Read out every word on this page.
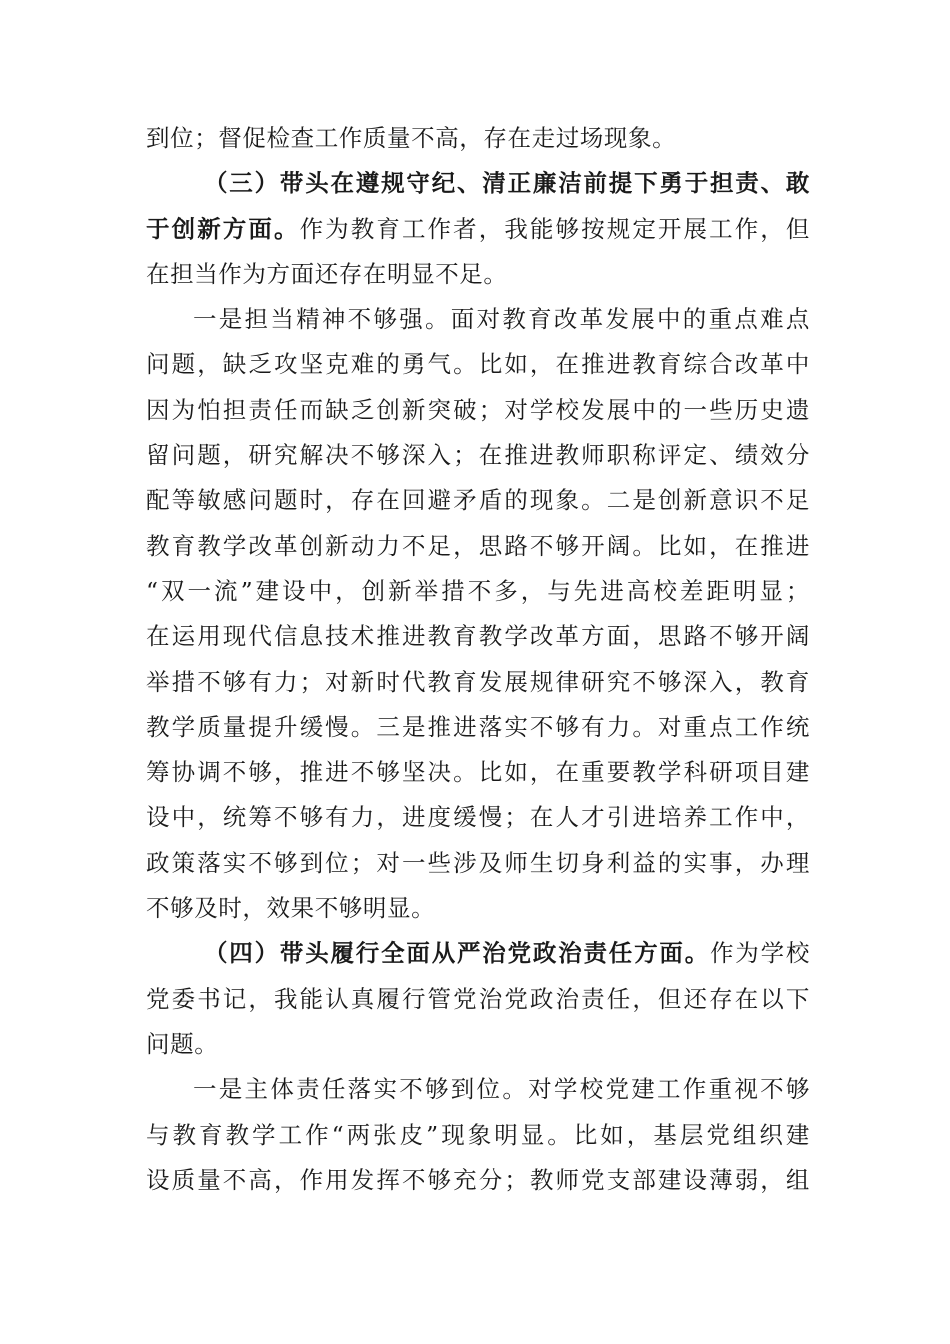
到位；督促检查工作质量不高，存在走过场现象。
（三）带头在遵规守纪、清正廉洁前提下勇于担责、敢
于创新方面。作为教育工作者，我能够按规定开展工作，但
在担当作为方面还存在明显不足。
一是担当精神不够强。面对教育改革发展中的重点难点
问题，缺乏攻坚克难的勇气。比如，在推进教育综合改革中
因为怕担责任而缺乏创新突破；对学校发展中的一些历史遗
留问题，研究解决不够深入；在推进教师职称评定、绩效分
配等敏感问题时，存在回避矛盾的现象。二是创新意识不足
教育教学改革创新动力不足，思路不够开阔。比如，在推进
“双一流”建设中，创新举措不多，与先进高校差距明显；
在运用现代信息技术推进教育教学改革方面，思路不够开阔
举措不够有力；对新时代教育发展规律研究不够深入，教育
教学质量提升缓慢。三是推进落实不够有力。对重点工作统
筹协调不够，推进不够坚决。比如，在重要教学科研项目建
设中，统筹不够有力，进度缓慢；在人才引进培养工作中，
政策落实不够到位；对一些涉及师生切身利益的实事，办理
不够及时，效果不够明显。
（四）带头履行全面从严治党政治责任方面。作为学校
党委书记，我能认真履行管党治党政治责任，但还存在以下
问题。
一是主体责任落实不够到位。对学校党建工作重视不够
与教育教学工作“两张皮”现象明显。比如，基层党组织建
设质量不高，作用发挥不够充分；教师党支部建设薄弱，组
